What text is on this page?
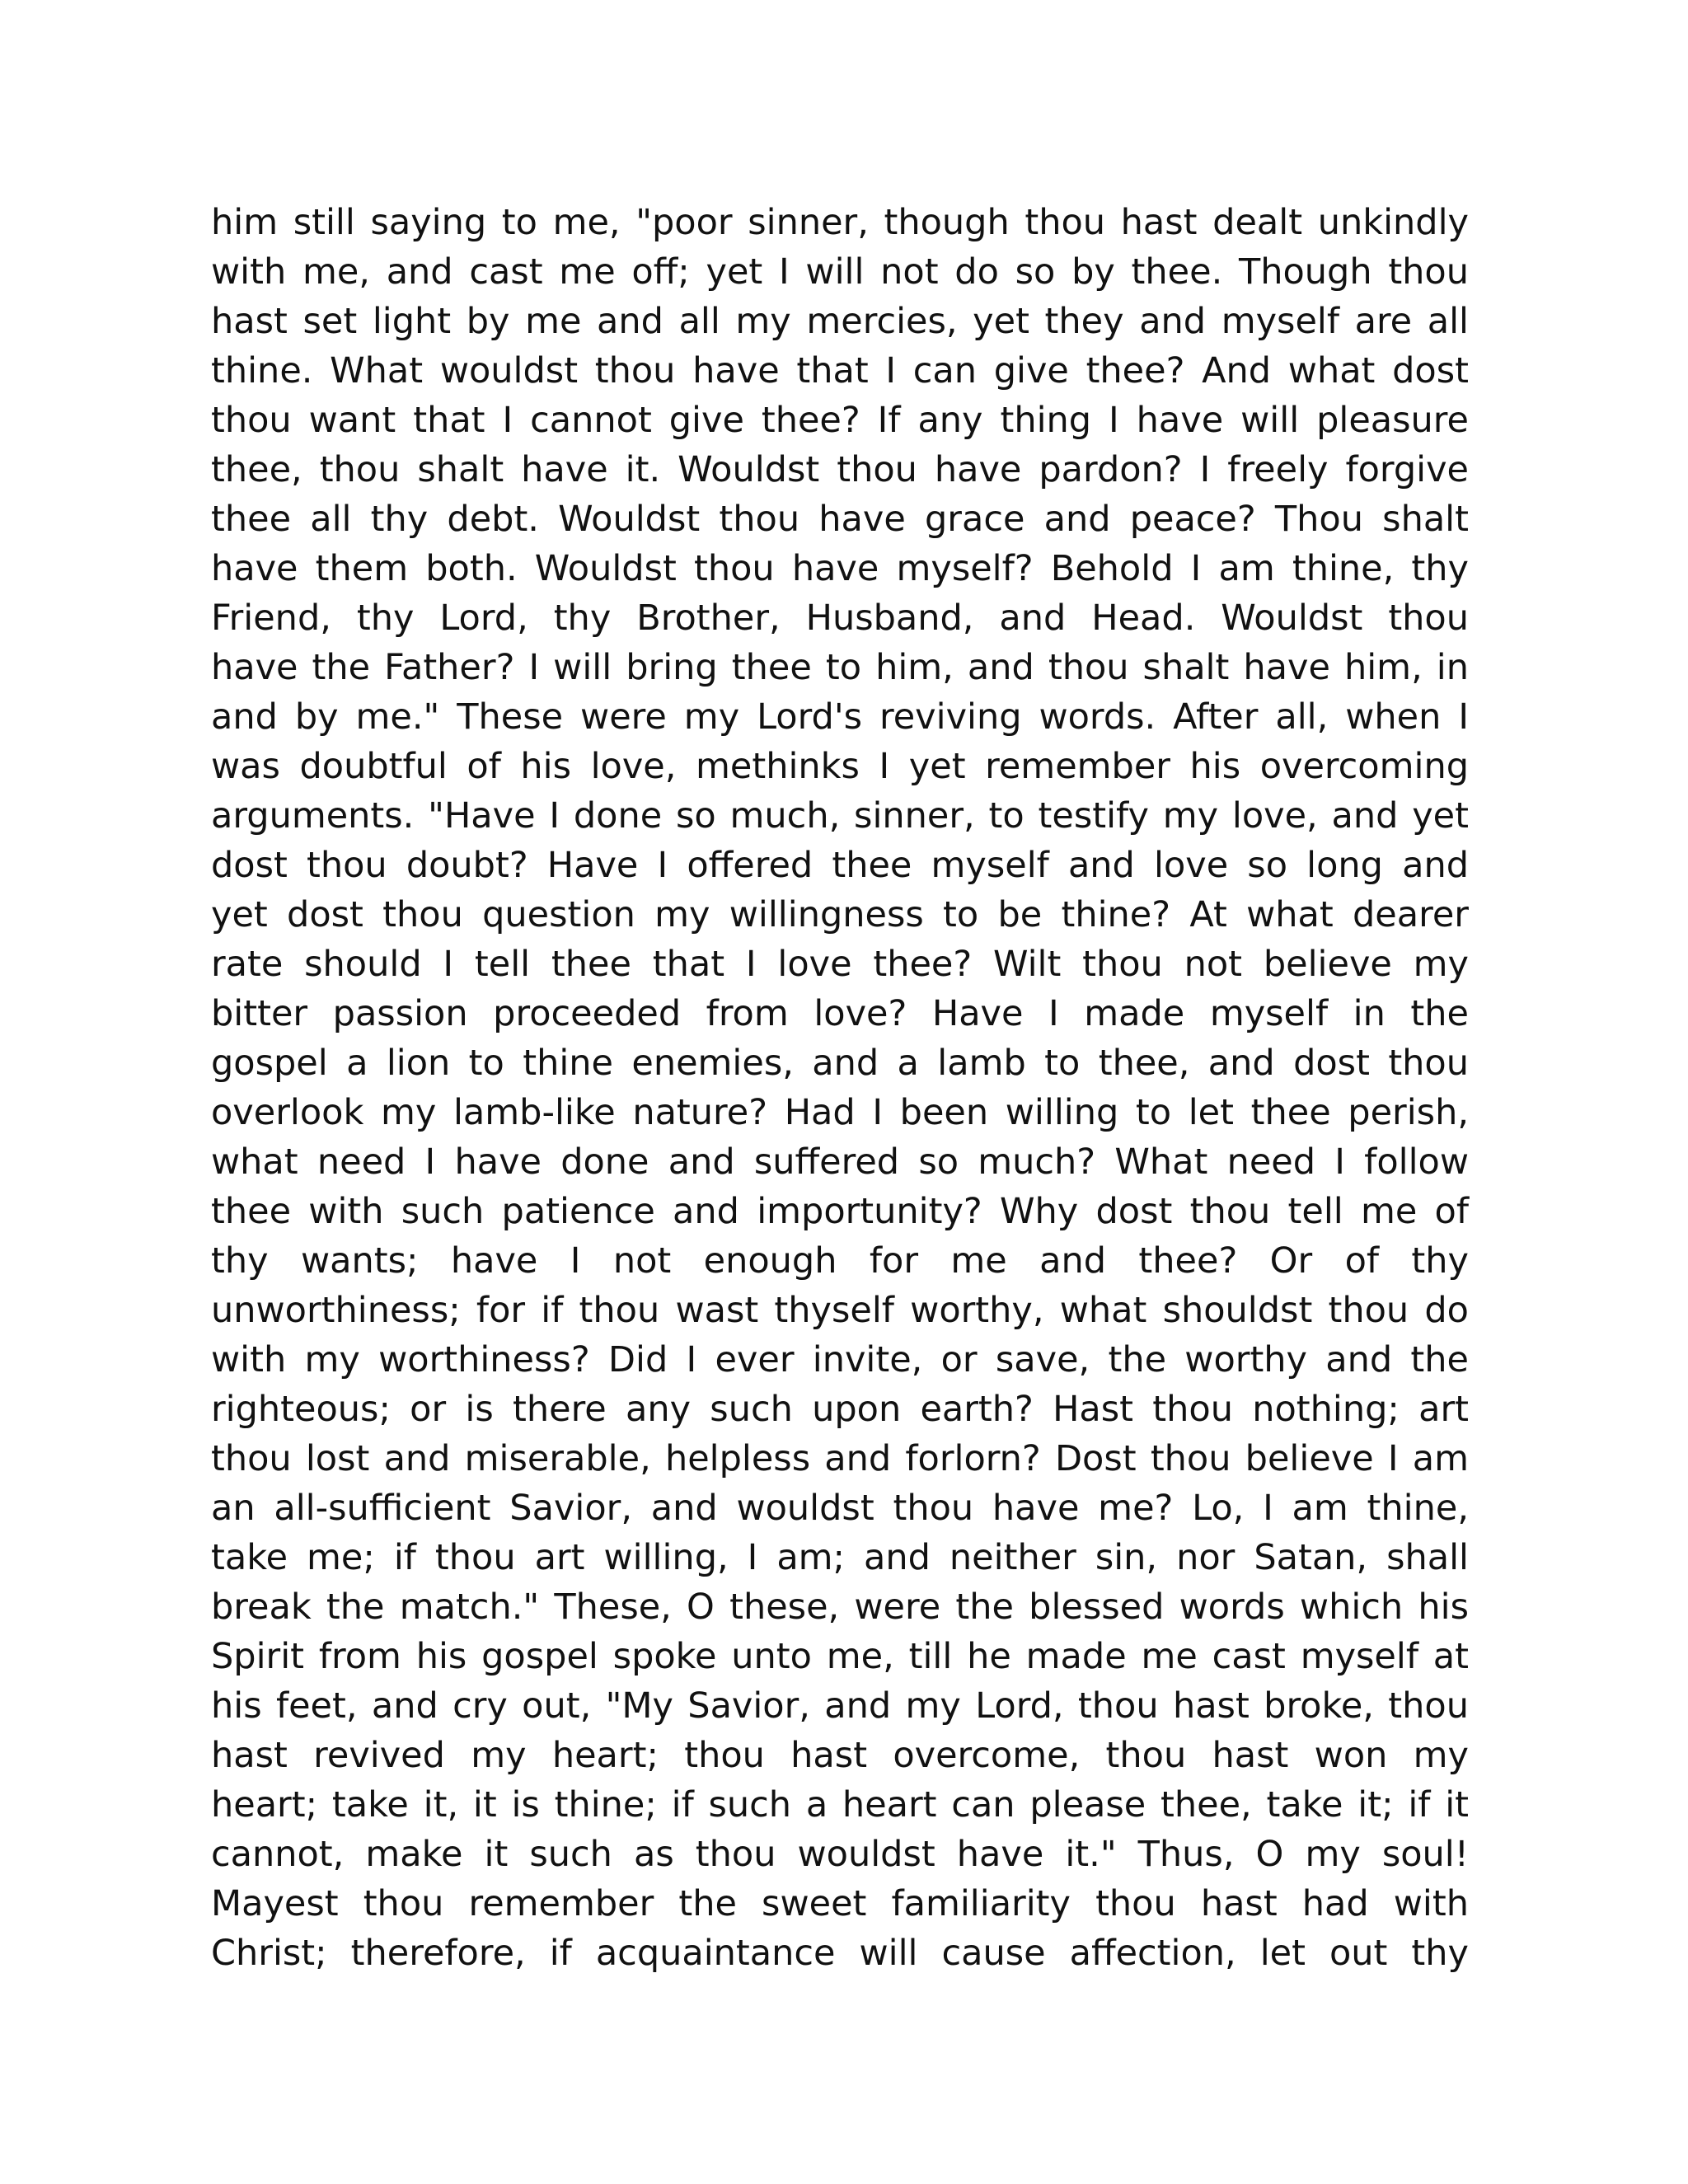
him still saying to me, "poor sinner, though thou hast dealt unkindly
with me, and cast me off; yet I will not do so by thee. Though thou
hast set light by me and all my mercies, yet they and myself are all
thine. What wouldst thou have that I can give thee? And what dost
thou want that I cannot give thee? If any thing I have will pleasure
thee, thou shalt have it. Wouldst thou have pardon? I freely forgive
thee all thy debt. Wouldst thou have grace and peace? Thou shalt
have them both. Wouldst thou have myself? Behold I am thine, thy
Friend, thy Lord, thy Brother, Husband, and Head. Wouldst thou
have the Father? I will bring thee to him, and thou shalt have him, in
and by me." These were my Lord's reviving words. After all, when I
was doubtful of his love, methinks I yet remember his overcoming
arguments. "Have I done so much, sinner, to testify my love, and yet
dost thou doubt? Have I offered thee myself and love so long and
yet dost thou question my willingness to be thine? At what dearer
rate should I tell thee that I love thee? Wilt thou not believe my
bitter passion proceeded from love? Have I made myself in the
gospel a lion to thine enemies, and a lamb to thee, and dost thou
overlook my lamb-like nature? Had I been willing to let thee perish,
what need I have done and suffered so much? What need I follow
thee with such patience and importunity? Why dost thou tell me of
thy wants; have I not enough for me and thee? Or of thy
unworthiness; for if thou wast thyself worthy, what shouldst thou do
with my worthiness? Did I ever invite, or save, the worthy and the
righteous; or is there any such upon earth? Hast thou nothing; art
thou lost and miserable, helpless and forlorn? Dost thou believe I am
an all-sufficient Savior, and wouldst thou have me? Lo, I am thine,
take me; if thou art willing, I am; and neither sin, nor Satan, shall
break the match." These, O these, were the blessed words which his
Spirit from his gospel spoke unto me, till he made me cast myself at
his feet, and cry out, "My Savior, and my Lord, thou hast broke, thou
hast revived my heart; thou hast overcome, thou hast won my
heart; take it, it is thine; if such a heart can please thee, take it; if it
cannot, make it such as thou wouldst have it." Thus, O my soul!
Mayest thou remember the sweet familiarity thou hast had with
Christ; therefore, if acquaintance will cause affection, let out thy
